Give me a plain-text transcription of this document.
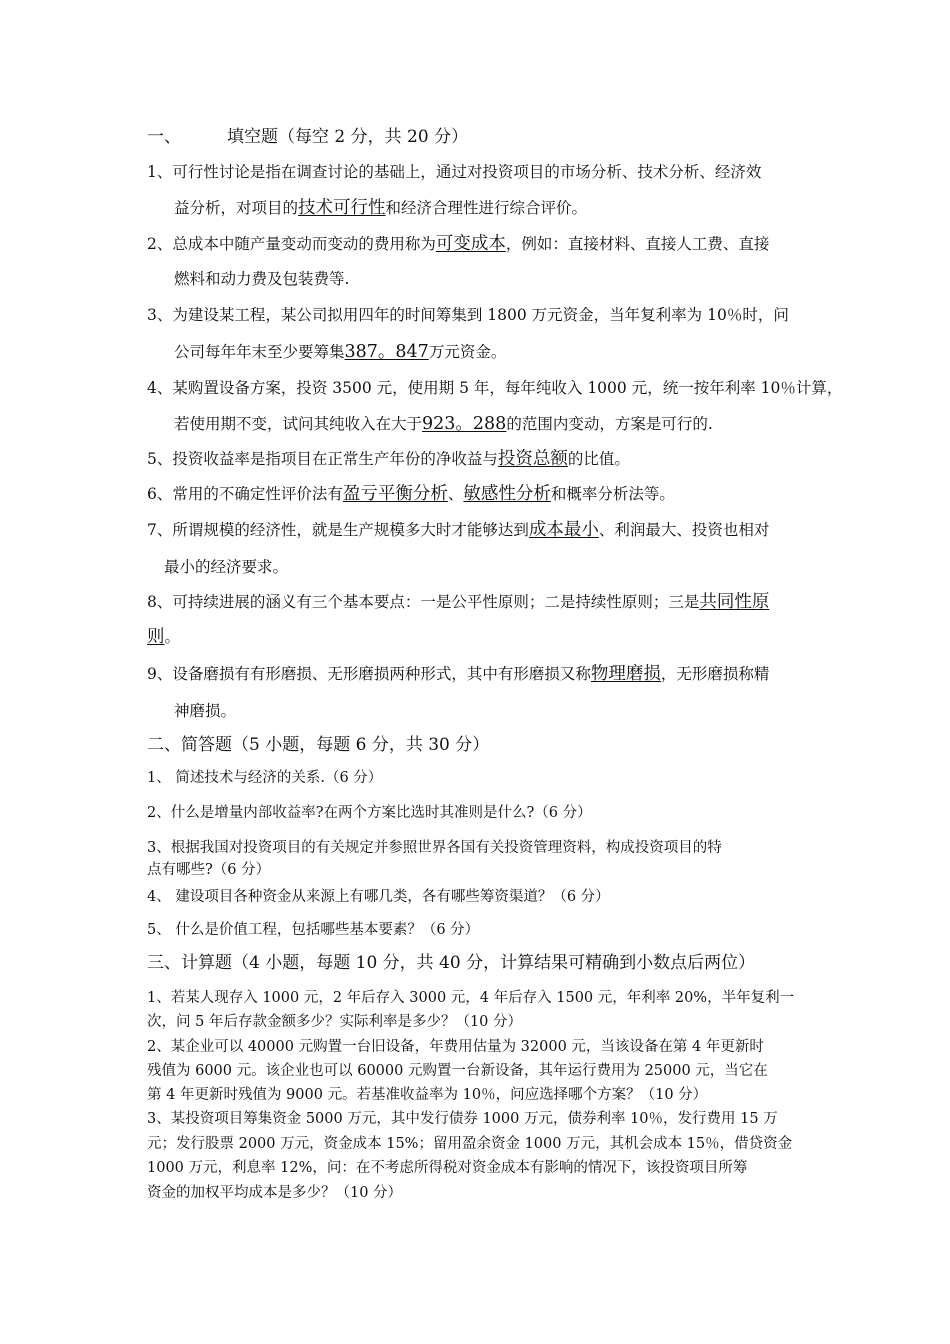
一、	填空题（每空 2 分，共 20 分）
1、可行性讨论是指在调查讨论的基础上，通过对投资项目的市场分析、技术分析、经济效
益分析，对项目的技术可行性和经济合理性进行综合评价。
2、总成本中随产量变动而变动的费用称为可变成本，例如：直接材料、直接人工费、直接
燃料和动力费及包装费等.
3、为建设某工程，某公司拟用四年的时间筹集到 1800 万元资金，当年复利率为 10％时，问
公司每年年末至少要筹集387。847万元资金。
4、某购置设备方案，投资 3500 元，使用期 5 年，每年纯收入 1000 元，统一按年利率 10％计算，
若使用期不变，试问其纯收入在大于923。288的范围内变动，方案是可行的.
5、投资收益率是指项目在正常生产年份的净收益与投资总额的比值。
6、常用的不确定性评价法有盈亏平衡分析、敏感性分析和概率分析法等。
7、所谓规模的经济性，就是生产规模多大时才能够达到成本最小、利润最大、投资也相对
最小的经济要求。
8、可持续进展的涵义有三个基本要点：一是公平性原则；二是持续性原则；三是共同性原
则。
9、设备磨损有有形磨损、无形磨损两种形式，其中有形磨损又称物理磨损，无形磨损称精
神磨损。
二、简答题（5 小题，每题 6 分，共 30 分）
1、 简述技术与经济的关系.（6 分）
2、什么是增量内部收益率?在两个方案比选时其准则是什么?（6 分）
3、根据我国对投资项目的有关规定并参照世界各国有关投资管理资料，构成投资项目的特
点有哪些?（6 分）
4、 建设项目各种资金从来源上有哪几类，各有哪些筹资渠道？（6 分）
5、 什么是价值工程，包括哪些基本要素？（6 分）
三、计算题（4 小题，每题 10 分，共 40 分，计算结果可精确到小数点后两位）
1、若某人现存入 1000 元，2 年后存入 3000 元，4 年后存入 1500 元，年利率 20%，半年复利一
次，问 5 年后存款金额多少？实际利率是多少？（10 分）
2、某企业可以 40000 元购置一台旧设备，年费用估量为 32000 元，当该设备在第 4 年更新时
残值为 6000 元。该企业也可以 60000 元购置一台新设备，其年运行费用为 25000 元，当它在
第 4 年更新时残值为 9000 元。若基准收益率为 10％，问应选择哪个方案？（10 分）
3、某投资项目筹集资金 5000 万元，其中发行债券 1000 万元，债券利率 10％，发行费用 15 万
元；发行股票 2000 万元，资金成本 15%；留用盈余资金 1000 万元，其机会成本 15％，借贷资金
1000 万元，利息率 12%，问：在不考虑所得税对资金成本有影响的情况下，该投资项目所筹
资金的加权平均成本是多少？（10 分）
